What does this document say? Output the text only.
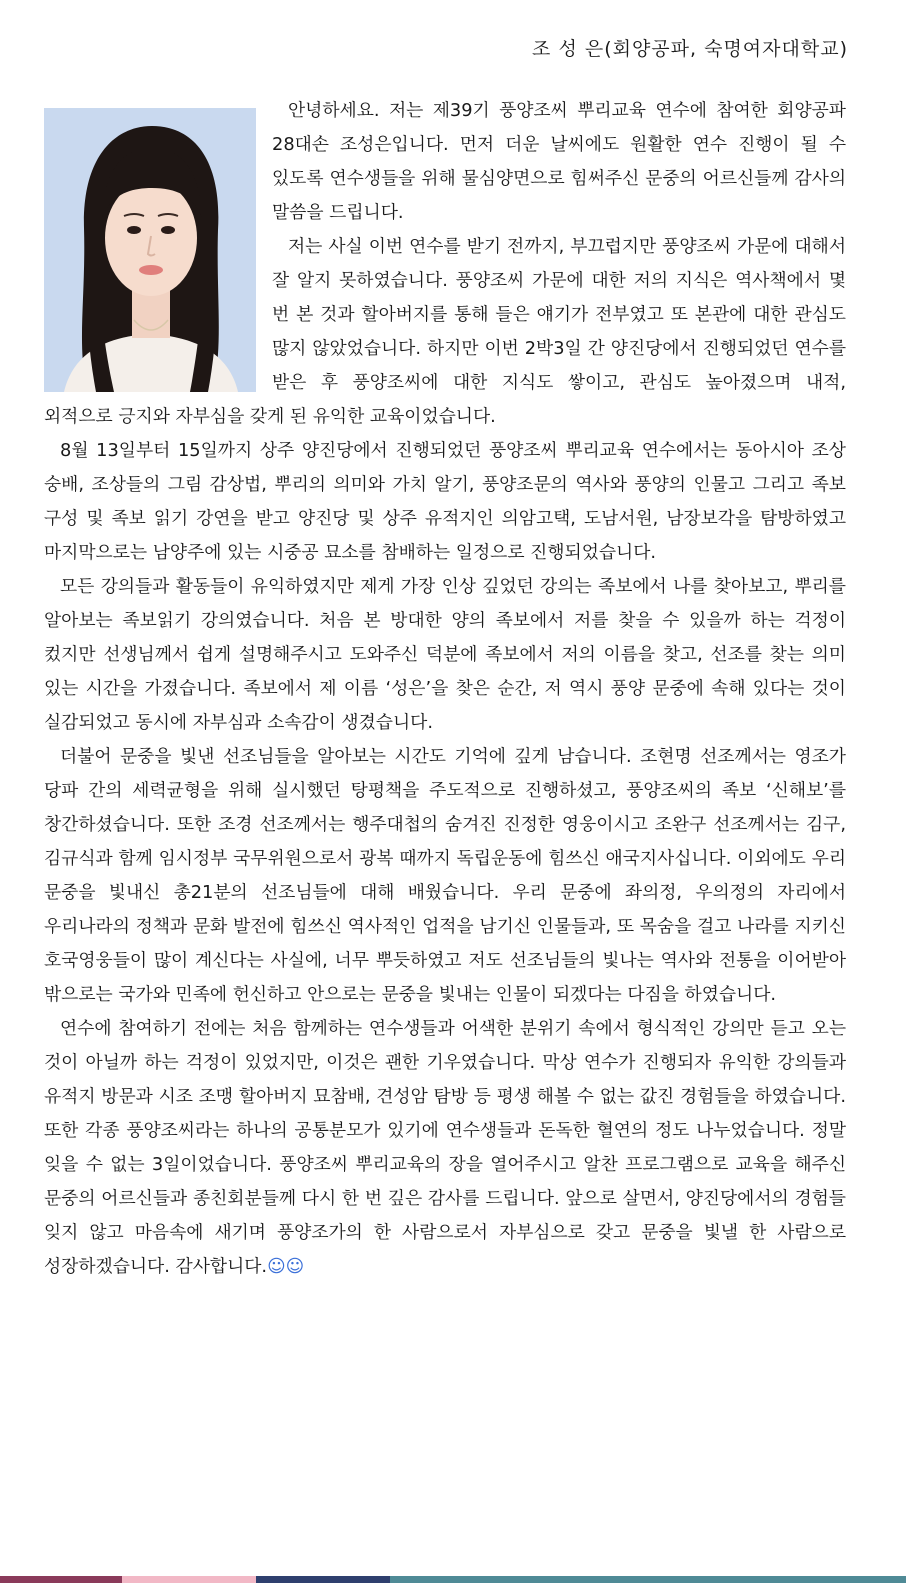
조 성 은(회양공파, 숙명여자대학교)

안녕하세요. 저는 제39기 풍양조씨 뿌리교육 연수에 참여한 회양공파 28대손 조성은입니다. 먼저 더운 날씨에도 원활한 연수 진행이 될 수 있도록 연수생들을 위해 물심양면으로 힘써주신 문중의 어르신들께 감사의 말씀을 드립니다.

저는 사실 이번 연수를 받기 전까지, 부끄럽지만 풍양조씨 가문에 대해서 잘 알지 못하였습니다. 풍양조씨 가문에 대한 저의 지식은 역사책에서 몇 번 본 것과 할아버지를 통해 들은 얘기가 전부였고 또 본관에 대한 관심도 많지 않았었습니다. 하지만 이번 2박3일 간 양진당에서 진행되었던 연수를 받은 후 풍양조씨에 대한 지식도 쌓이고, 관심도 높아졌으며 내적, 외적으로 긍지와 자부심을 갖게 된 유익한 교육이었습니다.

8월 13일부터 15일까지 상주 양진당에서 진행되었던 풍양조씨 뿌리교육 연수에서는 동아시아 조상 숭배, 조상들의 그림 감상법, 뿌리의 의미와 가치 알기, 풍양조문의 역사와 풍양의 인물고 그리고 족보 구성 및 족보 읽기 강연을 받고 양진당 및 상주 유적지인 의암고택, 도남서원, 남장보각을 탐방하였고 마지막으로는 남양주에 있는 시중공 묘소를 참배하는 일정으로 진행되었습니다.

모든 강의들과 활동들이 유익하였지만 제게 가장 인상 깊었던 강의는 족보에서 나를 찾아보고, 뿌리를 알아보는 족보읽기 강의였습니다. 처음 본 방대한 양의 족보에서 저를 찾을 수 있을까 하는 걱정이 컸지만 선생님께서 쉽게 설명해주시고 도와주신 덕분에 족보에서 저의 이름을 찾고, 선조를 찾는 의미 있는 시간을 가졌습니다. 족보에서 제 이름 ‘성은’을 찾은 순간, 저 역시 풍양 문중에 속해 있다는 것이 실감되었고 동시에 자부심과 소속감이 생겼습니다.

더불어 문중을 빛낸 선조님들을 알아보는 시간도 기억에 깊게 남습니다. 조현명 선조께서는 영조가 당파 간의 세력균형을 위해 실시했던 탕평책을 주도적으로 진행하셨고, 풍양조씨의 족보 ‘신해보’를 창간하셨습니다. 또한 조경 선조께서는 행주대첩의 숨겨진 진정한 영웅이시고 조완구 선조께서는 김구, 김규식과 함께 임시정부 국무위원으로서 광복 때까지 독립운동에 힘쓰신 애국지사십니다. 이외에도 우리 문중을 빛내신 총21분의 선조님들에 대해 배웠습니다. 우리 문중에 좌의정, 우의정의 자리에서 우리나라의 정책과 문화 발전에 힘쓰신 역사적인 업적을 남기신 인물들과, 또 목숨을 걸고 나라를 지키신 호국영웅들이 많이 계신다는 사실에, 너무 뿌듯하였고 저도 선조님들의 빛나는 역사와 전통을 이어받아 밖으로는 국가와 민족에 헌신하고 안으로는 문중을 빛내는 인물이 되겠다는 다짐을 하였습니다.

연수에 참여하기 전에는 처음 함께하는 연수생들과 어색한 분위기 속에서 형식적인 강의만 듣고 오는 것이 아닐까 하는 걱정이 있었지만, 이것은 괜한 기우였습니다. 막상 연수가 진행되자 유익한 강의들과 유적지 방문과 시조 조맹 할아버지 묘참배, 견성암 탐방 등 평생 해볼 수 없는 값진 경험들을 하였습니다. 또한 각종 풍양조씨라는 하나의 공통분모가 있기에 연수생들과 돈독한 혈연의 정도 나누었습니다. 정말 잊을 수 없는 3일이었습니다. 풍양조씨 뿌리교육의 장을 열어주시고 알찬 프로그램으로 교육을 해주신 문중의 어르신들과 종친회분들께 다시 한 번 깊은 감사를 드립니다. 앞으로 살면서, 양진당에서의 경험들 잊지 않고 마음속에 새기며 풍양조가의 한 사람으로서 자부심으로 갖고 문중을 빛낼 한 사람으로 성장하겠습니다. 감사합니다.☺☺
